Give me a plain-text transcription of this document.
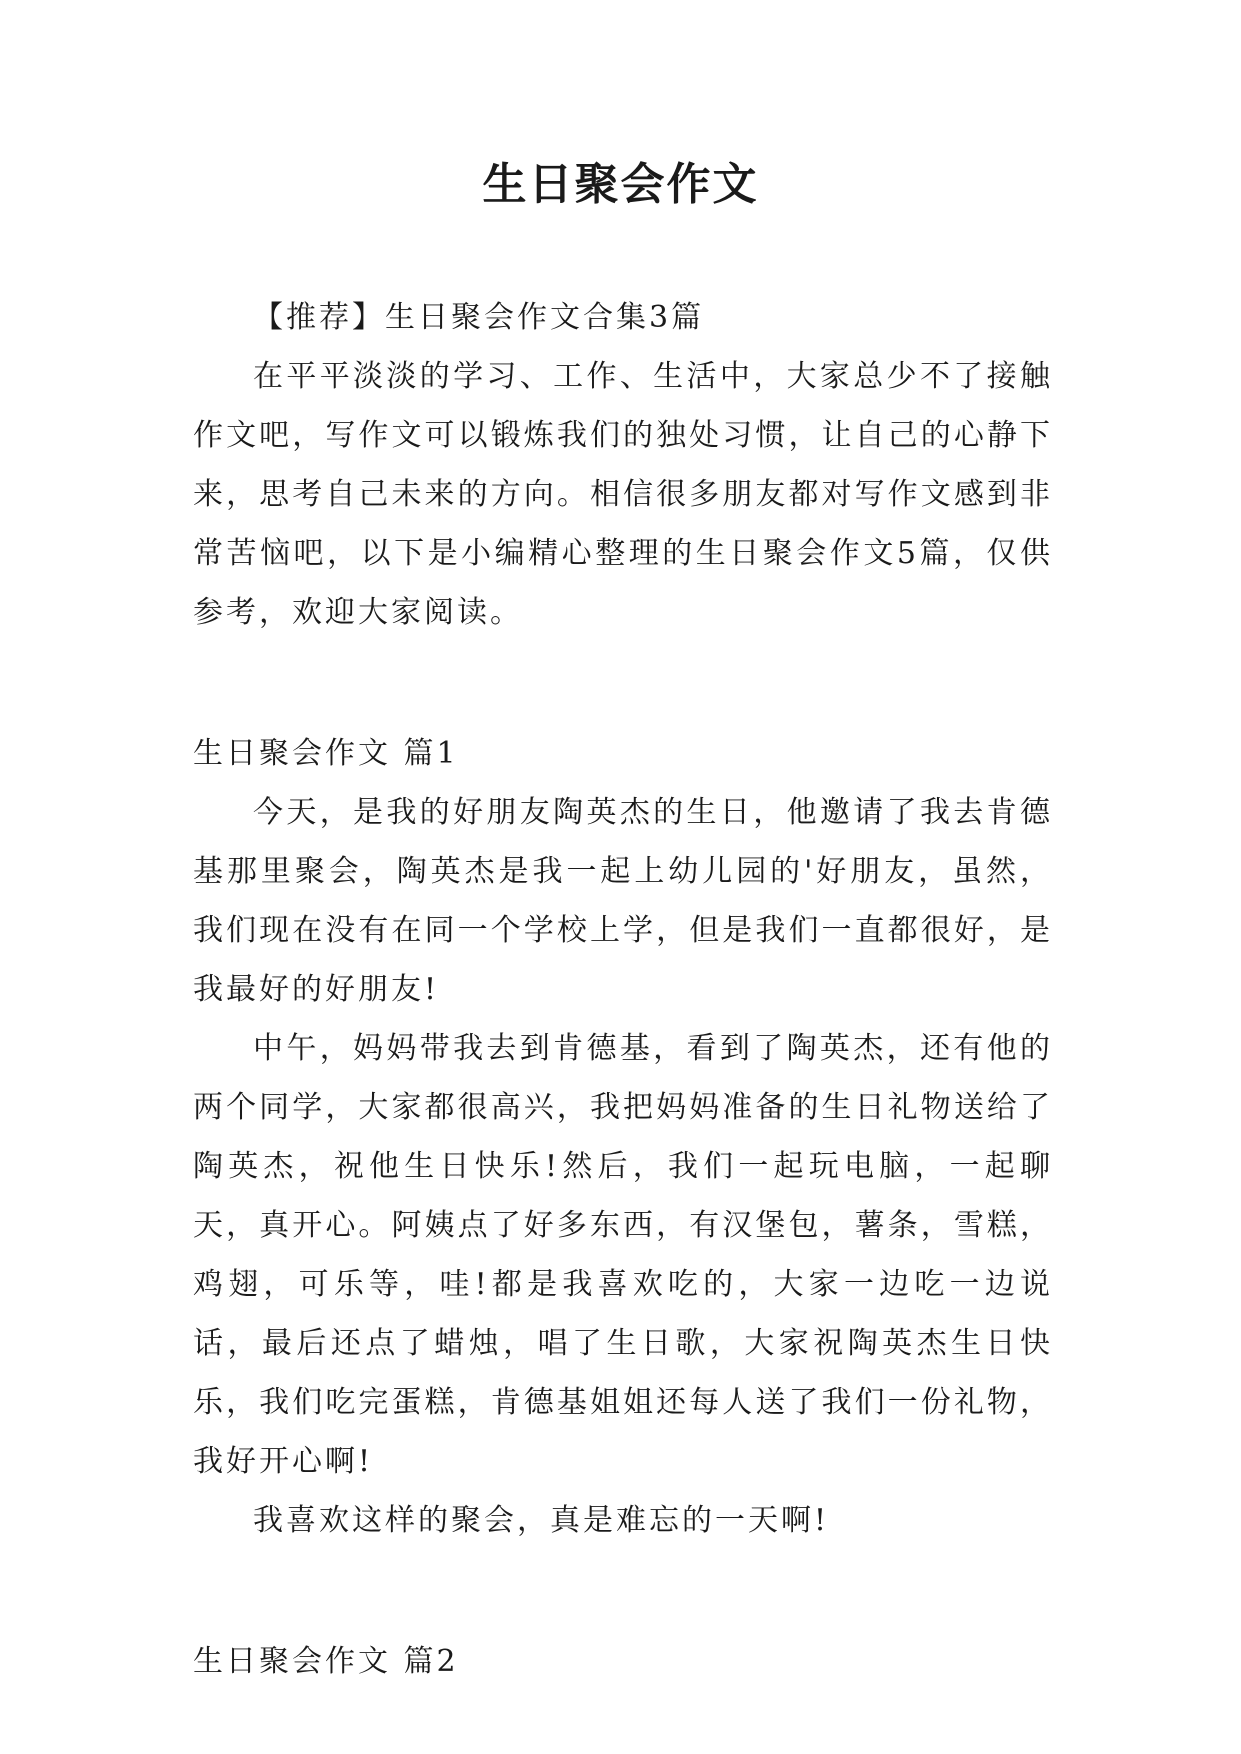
生日聚会作文

【推荐】生日聚会作文合集3篇

在平平淡淡的学习、工作、生活中，大家总少不了接触作文吧，写作文可以锻炼我们的独处习惯，让自己的心静下来，思考自己未来的方向。相信很多朋友都对写作文感到非常苦恼吧，以下是小编精心整理的生日聚会作文5篇，仅供参考，欢迎大家阅读。

生日聚会作文 篇1

今天，是我的好朋友陶英杰的生日，他邀请了我去肯德基那里聚会，陶英杰是我一起上幼儿园的'好朋友，虽然，我们现在没有在同一个学校上学，但是我们一直都很好，是我最好的好朋友!

中午，妈妈带我去到肯德基，看到了陶英杰，还有他的两个同学，大家都很高兴，我把妈妈准备的生日礼物送给了陶英杰，祝他生日快乐!然后，我们一起玩电脑，一起聊天，真开心。阿姨点了好多东西，有汉堡包，薯条，雪糕，鸡翅，可乐等，哇!都是我喜欢吃的，大家一边吃一边说话，最后还点了蜡烛，唱了生日歌，大家祝陶英杰生日快乐，我们吃完蛋糕，肯德基姐姐还每人送了我们一份礼物，我好开心啊!

我喜欢这样的聚会，真是难忘的一天啊!

生日聚会作文 篇2
